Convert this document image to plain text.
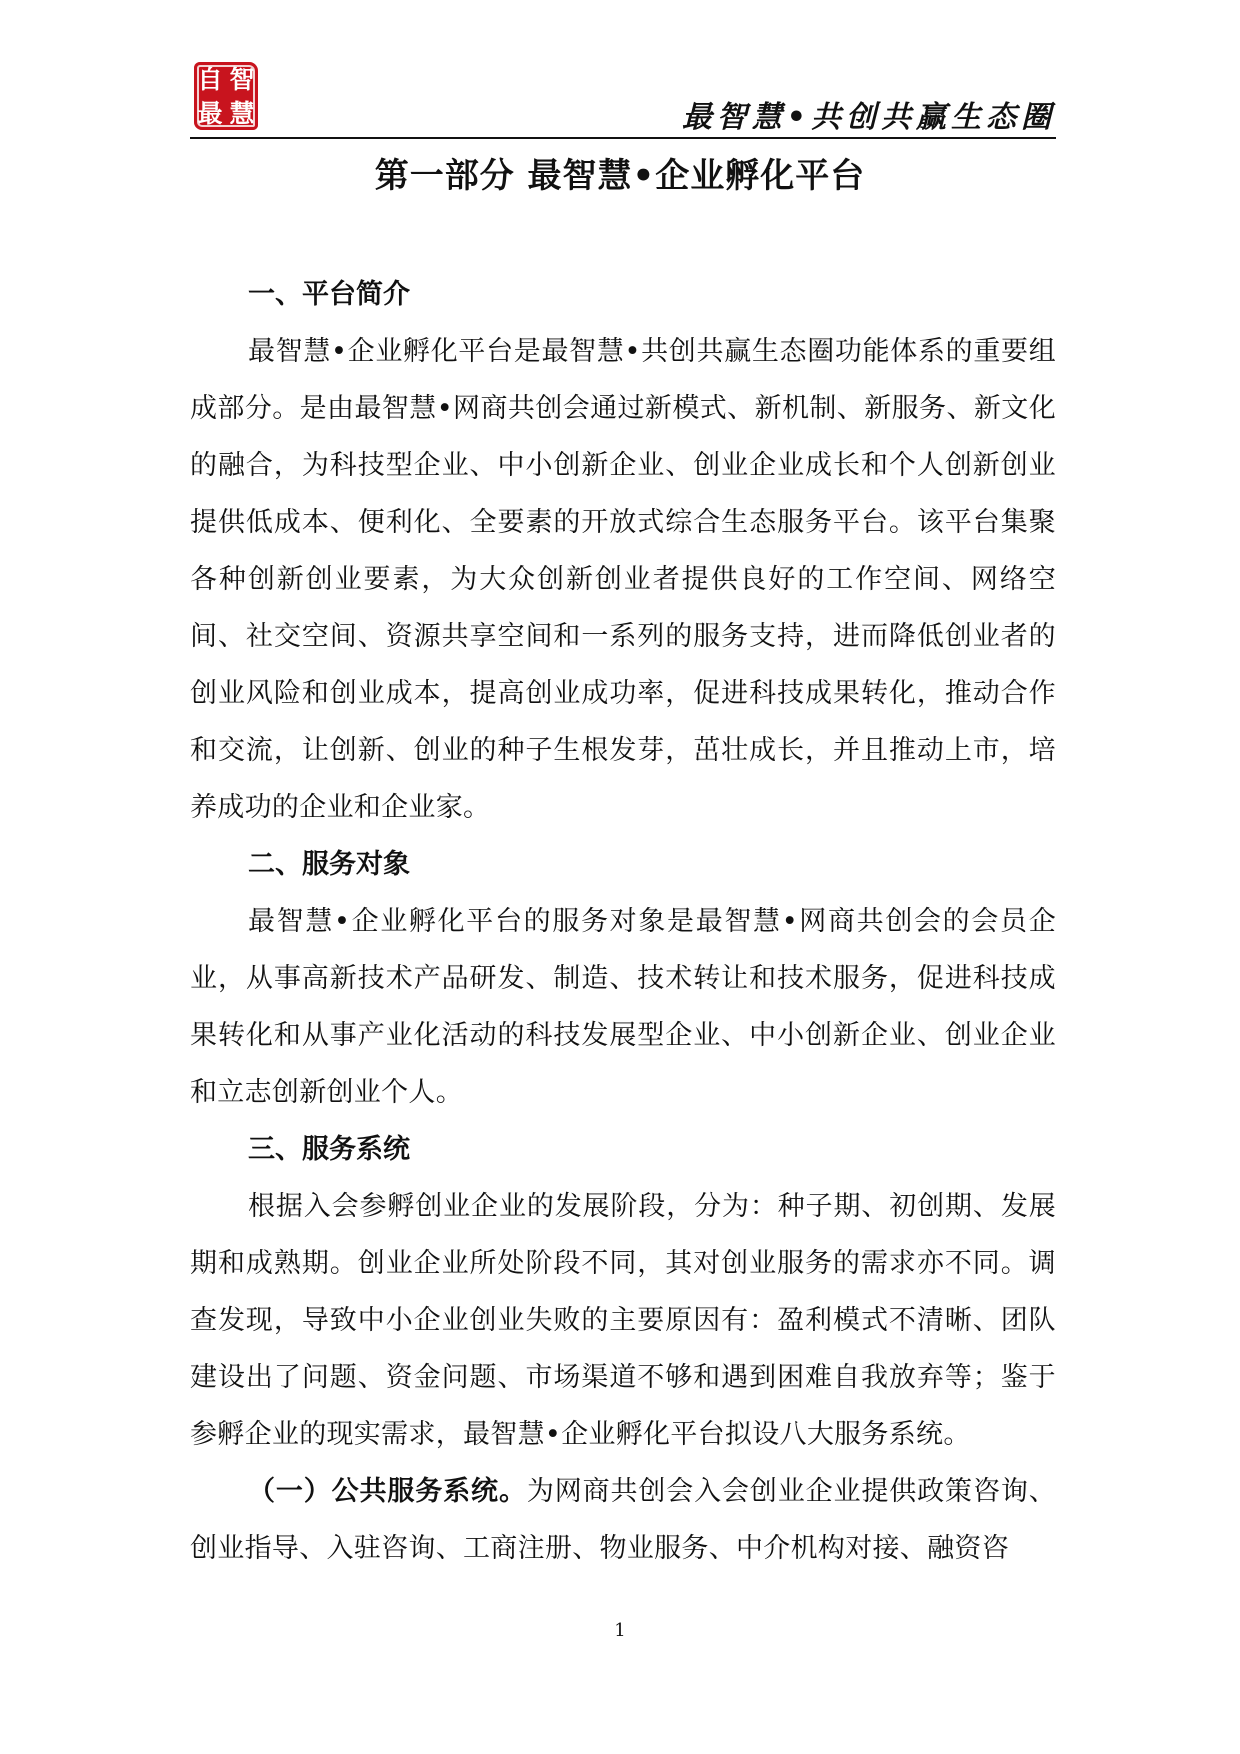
自 智
最 慧	最智慧•共创共赢生态圈

第一部分 最智慧•企业孵化平台
一、平台简介

最智慧•企业孵化平台是最智慧•共创共赢生态圈功能体系的重要组成部分。是由最智慧•网商共创会通过新模式、新机制、新服务、新文化的融合，为科技型企业、中小创新企业、创业企业成长和个人创新创业提供低成本、便利化、全要素的开放式综合生态服务平台。该平台集聚各种创新创业要素，为大众创新创业者提供良好的工作空间、网络空间、社交空间、资源共享空间和一系列的服务支持，进而降低创业者的创业风险和创业成本，提高创业成功率，促进科技成果转化，推动合作和交流，让创新、创业的种子生根发芽，茁壮成长，并且推动上市，培养成功的企业和企业家。

二、服务对象

最智慧•企业孵化平台的服务对象是最智慧•网商共创会的会员企业，从事高新技术产品研发、制造、技术转让和技术服务，促进科技成果转化和从事产业化活动的科技发展型企业、中小创新企业、创业企业和立志创新创业个人。

三、服务系统

根据入会参孵创业企业的发展阶段，分为：种子期、初创期、发展期和成熟期。创业企业所处阶段不同，其对创业服务的需求亦不同。调查发现，导致中小企业创业失败的主要原因有：盈利模式不清晰、团队建设出了问题、资金问题、市场渠道不够和遇到困难自我放弃等；鉴于参孵企业的现实需求，最智慧•企业孵化平台拟设八大服务系统。

（一）公共服务系统。为网商共创会入会创业企业提供政策咨询、创业指导、入驻咨询、工商注册、物业服务、中介机构对接、融资咨

1
